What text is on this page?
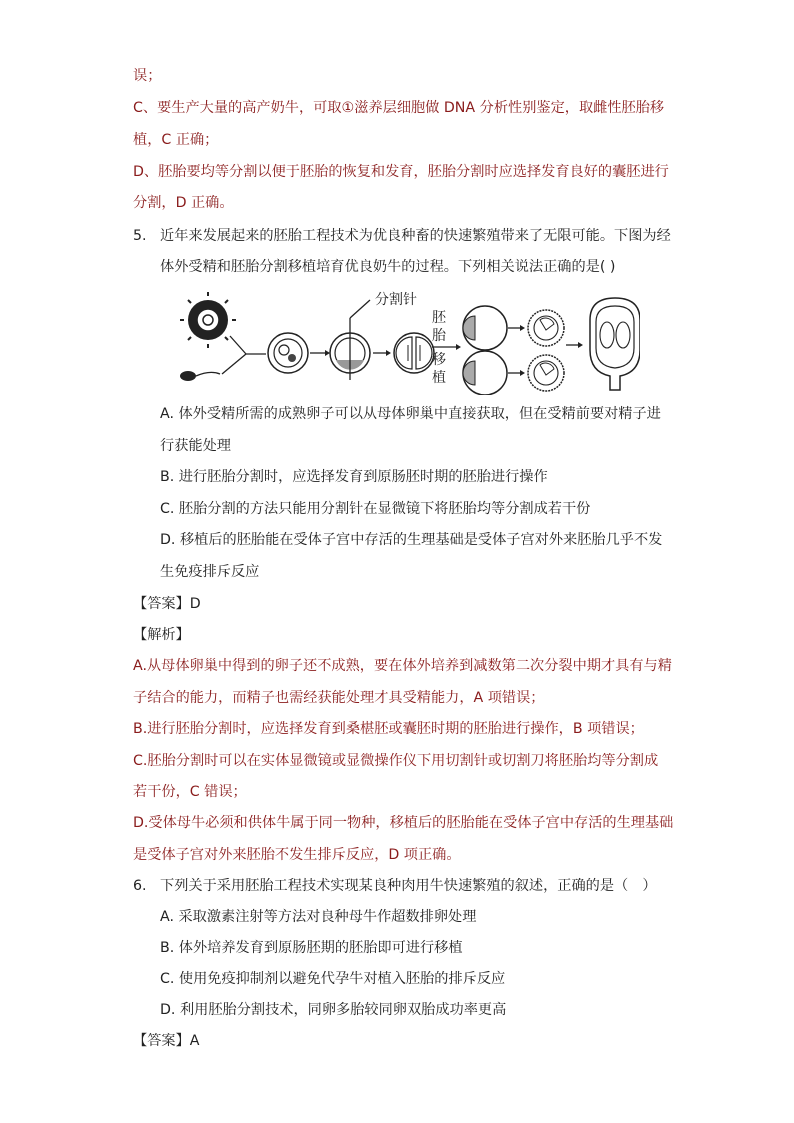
误；
C、要生产大量的高产奶牛，可取①滋养层细胞做 DNA 分析性别鉴定，取雌性胚胎移
植，C 正确；
D、胚胎要均等分割以便于胚胎的恢复和发育，胚胎分割时应选择发育良好的囊胚进行
分割，D 正确。
5. 近年来发展起来的胚胎工程技术为优良种畜的快速繁殖带来了无限可能。下图为经
体外受精和胚胎分割移植培育优良奶牛的过程。下列相关说法正确的是( )
分割针
胚
胎
移
植
A. 体外受精所需的成熟卵子可以从母体卵巢中直接获取，但在受精前要对精子进
行获能处理
B. 进行胚胎分割时，应选择发育到原肠胚时期的胚胎进行操作
C. 胚胎分割的方法只能用分割针在显微镜下将胚胎均等分割成若干份
D. 移植后的胚胎能在受体子宫中存活的生理基础是受体子宫对外来胚胎几乎不发
生免疫排斥反应
【答案】D
【解析】
A.从母体卵巢中得到的卵子还不成熟，要在体外培养到减数第二次分裂中期才具有与精
子结合的能力，而精子也需经获能处理才具受精能力，A 项错误；
B.进行胚胎分割时，应选择发育到桑椹胚或囊胚时期的胚胎进行操作，B 项错误；
C.胚胎分割时可以在实体显微镜或显微操作仪下用切割针或切割刀将胚胎均等分割成
若干份，C 错误；
D.受体母牛必须和供体牛属于同一物种，移植后的胚胎能在受体子宫中存活的生理基础
是受体子宫对外来胚胎不发生排斥反应，D 项正确。
6. 下列关于采用胚胎工程技术实现某良种肉用牛快速繁殖的叙述，正确的是（　）
A. 采取激素注射等方法对良种母牛作超数排卵处理
B. 体外培养发育到原肠胚期的胚胎即可进行移植
C. 使用免疫抑制剂以避免代孕牛对植入胚胎的排斥反应
D. 利用胚胎分割技术，同卵多胎较同卵双胎成功率更高
【答案】A
